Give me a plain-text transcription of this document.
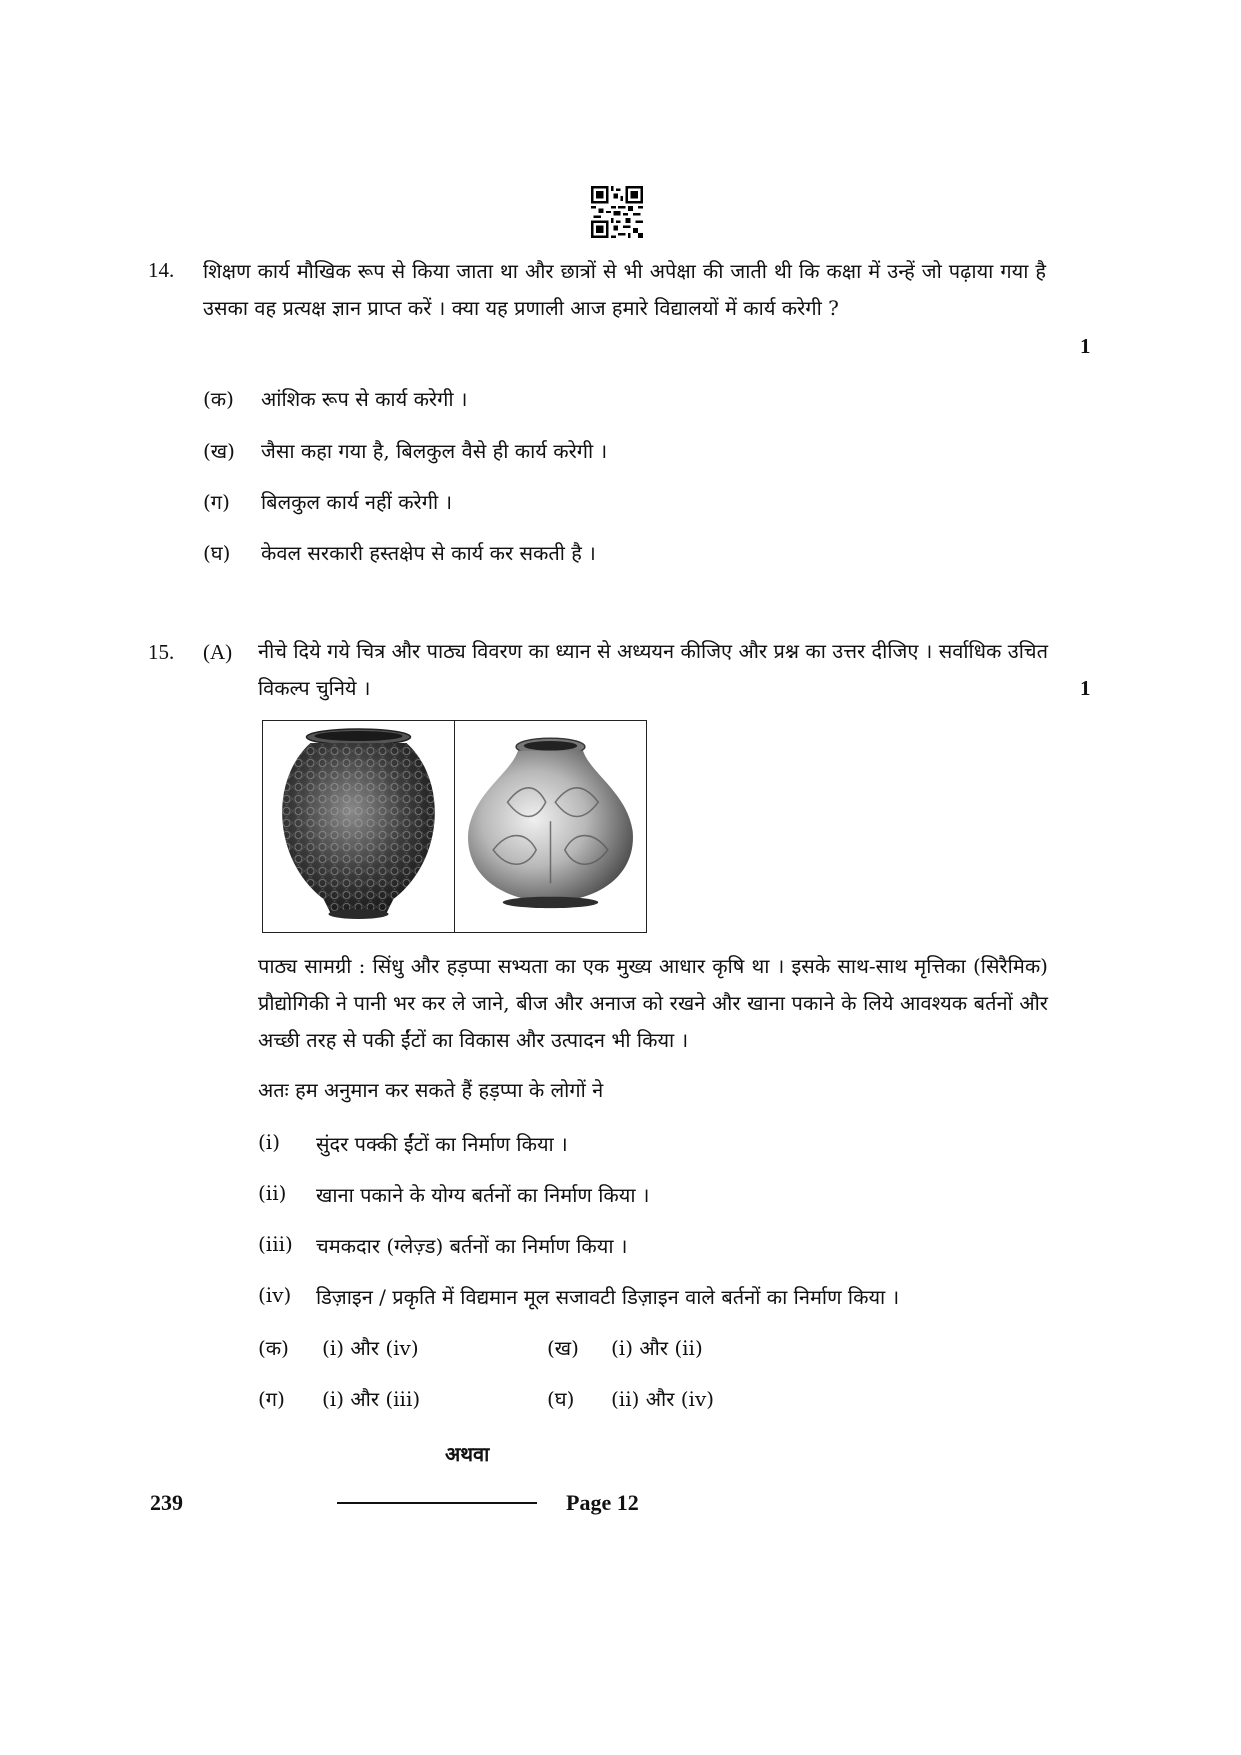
14. शिक्षण कार्य मौखिक रूप से किया जाता था और छात्रों से भी अपेक्षा की जाती थी कि कक्षा में उन्हें जो पढ़ाया गया है उसका वह प्रत्यक्ष ज्ञान प्राप्त करें । क्या यह प्रणाली आज हमारे विद्यालयों में कार्य करेगी ?
1
(क)	आंशिक रूप से कार्य करेगी ।
(ख)	जैसा कहा गया है, बिलकुल वैसे ही कार्य करेगी ।
(ग)	बिलकुल कार्य नहीं करेगी ।
(घ)	केवल सरकारी हस्तक्षेप से कार्य कर सकती है ।
15. (A) नीचे दिये गये चित्र और पाठ्य विवरण का ध्यान से अध्ययन कीजिए और प्रश्न का उत्तर दीजिए । सर्वाधिक उचित विकल्प चुनिये ।	1
पाठ्य सामग्री : सिंधु और हड़प्पा सभ्यता का एक मुख्य आधार कृषि था । इसके साथ-साथ मृत्तिका (सिरैमिक) प्रौद्योगिकी ने पानी भर कर ले जाने, बीज और अनाज को रखने और खाना पकाने के लिये आवश्यक बर्तनों और अच्छी तरह से पकी ईंटों का विकास और उत्पादन भी किया ।
अतः हम अनुमान कर सकते हैं हड़प्पा के लोगों ने
(i)	सुंदर पक्की ईंटों का निर्माण किया ।
(ii)	खाना पकाने के योग्य बर्तनों का निर्माण किया ।
(iii)	चमकदार (ग्लेज़्ड) बर्तनों का निर्माण किया ।
(iv)	डिज़ाइन / प्रकृति में विद्यमान मूल सजावटी डिज़ाइन वाले बर्तनों का निर्माण किया ।
(क)	(i) और (iv)	(ख)	(i) और (ii)
(ग)	(i) और (iii)	(घ)	(ii) और (iv)
अथवा
239	Page 12
